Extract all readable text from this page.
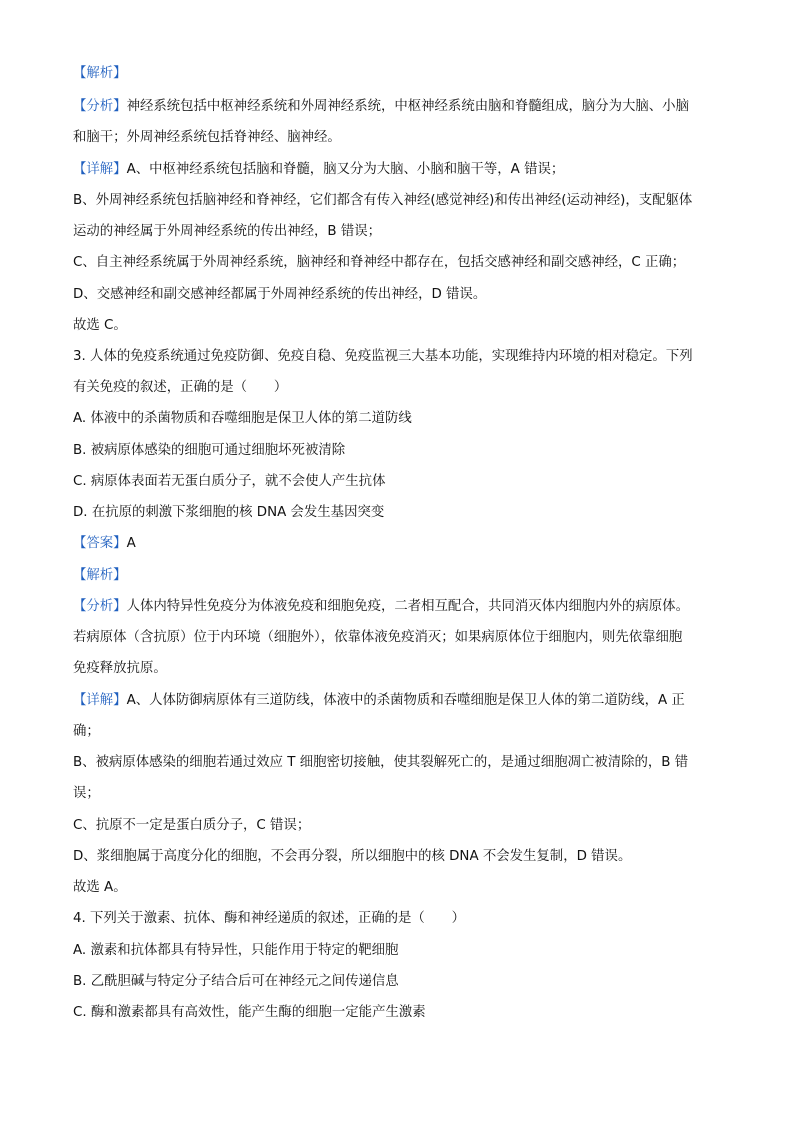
【解析】
【分析】神经系统包括中枢神经系统和外周神经系统，中枢神经系统由脑和脊髓组成，脑分为大脑、小脑
和脑干；外周神经系统包括脊神经、脑神经。
【详解】A、中枢神经系统包括脑和脊髓，脑又分为大脑、小脑和脑干等，A 错误；
B、外周神经系统包括脑神经和脊神经，它们都含有传入神经(感觉神经)和传出神经(运动神经)，支配躯体
运动的神经属于外周神经系统的传出神经，B 错误；
C、自主神经系统属于外周神经系统，脑神经和脊神经中都存在，包括交感神经和副交感神经，C 正确；
D、交感神经和副交感神经都属于外周神经系统的传出神经，D 错误。
故选 C。
3. 人体的免疫系统通过免疫防御、免疫自稳、免疫监视三大基本功能，实现维持内环境的相对稳定。下列
有关免疫的叙述，正确的是（　　）
A. 体液中的杀菌物质和吞噬细胞是保卫人体的第二道防线
B. 被病原体感染的细胞可通过细胞坏死被清除
C. 病原体表面若无蛋白质分子，就不会使人产生抗体
D. 在抗原的刺激下浆细胞的核 DNA 会发生基因突变
【答案】A
【解析】
【分析】人体内特异性免疫分为体液免疫和细胞免疫，二者相互配合，共同消灭体内细胞内外的病原体。
若病原体（含抗原）位于内环境（细胞外），依靠体液免疫消灭；如果病原体位于细胞内，则先依靠细胞
免疫释放抗原。
【详解】A、人体防御病原体有三道防线，体液中的杀菌物质和吞噬细胞是保卫人体的第二道防线，A 正
确；
B、被病原体感染的细胞若通过效应 T 细胞密切接触，使其裂解死亡的，是通过细胞凋亡被清除的，B 错
误；
C、抗原不一定是蛋白质分子，C 错误；
D、浆细胞属于高度分化的细胞，不会再分裂，所以细胞中的核 DNA 不会发生复制，D 错误。
故选 A。
4. 下列关于激素、抗体、酶和神经递质的叙述，正确的是（　　）
A. 激素和抗体都具有特异性，只能作用于特定的靶细胞
B. 乙酰胆碱与特定分子结合后可在神经元之间传递信息
C. 酶和激素都具有高效性，能产生酶的细胞一定能产生激素
